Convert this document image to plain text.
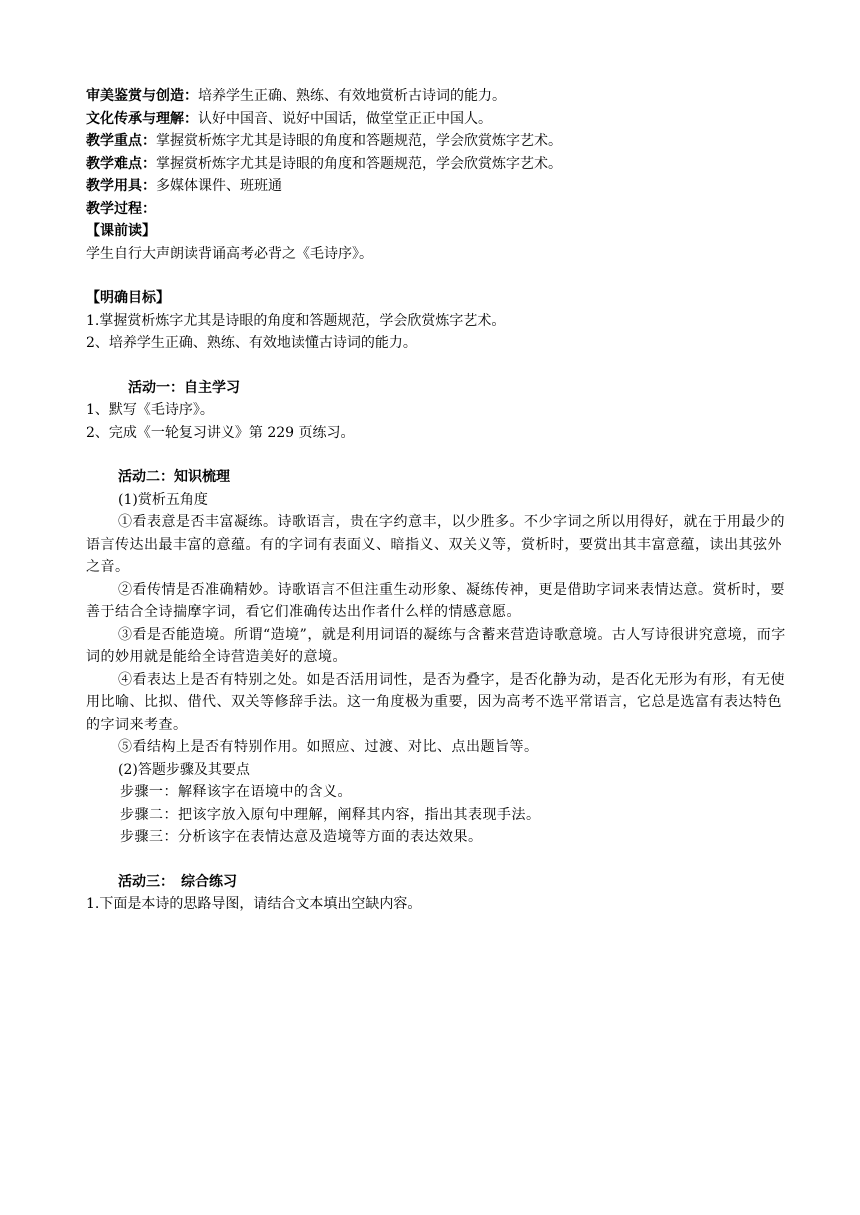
审美鉴赏与创造：培养学生正确、熟练、有效地赏析古诗词的能力。
文化传承与理解：认好中国音、说好中国话，做堂堂正正中国人。
教学重点：掌握赏析炼字尤其是诗眼的角度和答题规范，学会欣赏炼字艺术。
教学难点：掌握赏析炼字尤其是诗眼的角度和答题规范，学会欣赏炼字艺术。
教学用具：多媒体课件、班班通
教学过程：
【课前读】
学生自行大声朗读背诵高考必背之《毛诗序》。
【明确目标】
1.掌握赏析炼字尤其是诗眼的角度和答题规范，学会欣赏炼字艺术。
2、培养学生正确、熟练、有效地读懂古诗词的能力。
活动一：自主学习
1、默写《毛诗序》。
2、完成《一轮复习讲义》第 229 页练习。
活动二：知识梳理
(1)赏析五角度
①看表意是否丰富凝练。诗歌语言，贵在字约意丰，以少胜多。不少字词之所以用得好，就在于用最少的语言传达出最丰富的意蕴。有的字词有表面义、暗指义、双关义等，赏析时，要赏出其丰富意蕴，读出其弦外之音。
②看传情是否准确精妙。诗歌语言不但注重生动形象、凝练传神，更是借助字词来表情达意。赏析时，要善于结合全诗揣摩字词，看它们准确传达出作者什么样的情感意愿。
③看是否能造境。所谓“造境”，就是利用词语的凝练与含蓄来营造诗歌意境。古人写诗很讲究意境，而字词的妙用就是能给全诗营造美好的意境。
④看表达上是否有特别之处。如是否活用词性，是否为叠字，是否化静为动，是否化无形为有形，有无使用比喻、比拟、借代、双关等修辞手法。这一角度极为重要，因为高考不选平常语言，它总是选富有表达特色的字词来考查。
⑤看结构上是否有特别作用。如照应、过渡、对比、点出题旨等。
(2)答题步骤及其要点
步骤一：解释该字在语境中的含义。
步骤二：把该字放入原句中理解，阐释其内容，指出其表现手法。
步骤三：分析该字在表情达意及造境等方面的表达效果。
活动三：　综合练习
1.下面是本诗的思路导图，请结合文本填出空缺内容。
